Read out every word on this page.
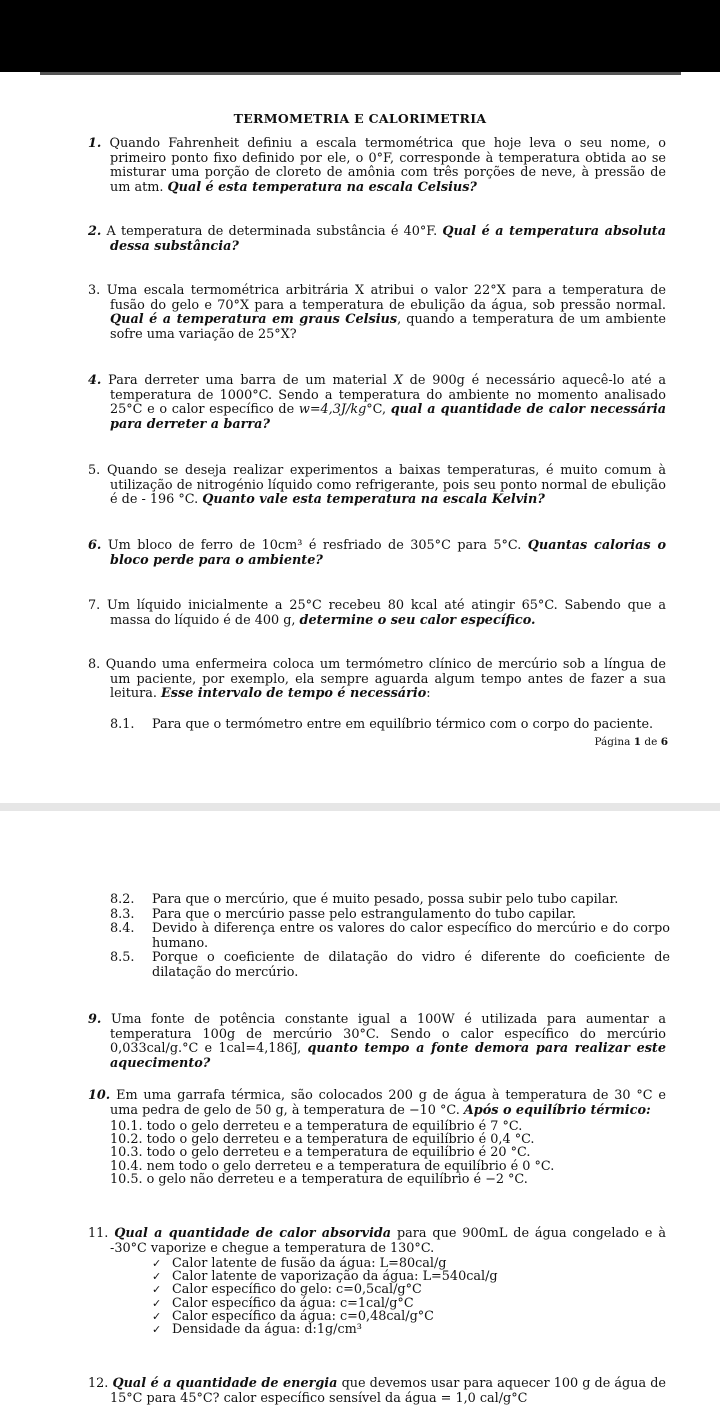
TERMOMETRIA E CALORIMETRIA
1. Quando Fahrenheit definiu a escala termométrica que hoje leva o seu nome, o primeiro ponto fixo definido por ele, o 0°F, corresponde à temperatura obtida ao se misturar uma porção de cloreto de amônia com três porções de neve, à pressão de um atm. Qual é esta temperatura na escala Celsius?
2. A temperatura de determinada substância é 40°F. Qual é a temperatura absoluta dessa substância?
3. Uma escala termométrica arbitrária X atribui o valor 22°X para a temperatura de fusão do gelo e 70°X para a temperatura de ebulição da água, sob pressão normal. Qual é a temperatura em graus Celsius, quando a temperatura de um ambiente sofre uma variação de 25°X?
4. Para derreter uma barra de um material X de 900g é necessário aquecê-lo até a temperatura de 1000°C. Sendo a temperatura do ambiente no momento analisado 25°C e o calor específico de w=4,3J/kg°C, qual a quantidade de calor necessária para derreter a barra?
5. Quando se deseja realizar experimentos a baixas temperaturas, é muito comum à utilização de nitrogénio líquido como refrigerante, pois seu ponto normal de ebulição é de - 196 °C. Quanto vale esta temperatura na escala Kelvin?
6. Um bloco de ferro de 10cm³ é resfriado de 305°C para 5°C. Quantas calorias o bloco perde para o ambiente?
7. Um líquido inicialmente a 25°C recebeu 80 kcal até atingir 65°C. Sabendo que a massa do líquido é de 400 g, determine o seu calor específico.
8. Quando uma enfermeira coloca um termómetro clínico de mercúrio sob a língua de um paciente, por exemplo, ela sempre aguarda algum tempo antes de fazer a sua leitura. Esse intervalo de tempo é necessário:
8.1.	Para que o termómetro entre em equilíbrio térmico com o corpo do paciente.
Página 1 de 6
8.2.	Para que o mercúrio, que é muito pesado, possa subir pelo tubo capilar.
8.3.	Para que o mercúrio passe pelo estrangulamento do tubo capilar.
8.4.	Devido à diferença entre os valores do calor específico do mercúrio e do corpo humano.
8.5.	Porque o coeficiente de dilatação do vidro é diferente do coeficiente de dilatação do mercúrio.
9. Uma fonte de potência constante igual a 100W é utilizada para aumentar a temperatura 100g de mercúrio 30°C. Sendo o calor específico do mercúrio 0,033cal/g.°C e 1cal=4,186J, quanto tempo a fonte demora para realizar este aquecimento?
10. Em uma garrafa térmica, são colocados 200 g de água à temperatura de 30 °C e uma pedra de gelo de 50 g, à temperatura de −10 °C. Após o equilíbrio térmico:
10.1. todo o gelo derreteu e a temperatura de equilíbrio é 7 °C.
10.2. todo o gelo derreteu e a temperatura de equilíbrio é 0,4 °C.
10.3. todo o gelo derreteu e a temperatura de equilíbrio é 20 °C.
10.4. nem todo o gelo derreteu e a temperatura de equilíbrio é 0 °C.
10.5. o gelo não derreteu e a temperatura de equilíbrio é −2 °C.
11. Qual a quantidade de calor absorvida para que 900mL de água congelado e à -30°C vaporize e chegue a temperatura de 130°C.
✓ Calor latente de fusão da água: L=80cal/g
✓ Calor latente de vaporização da água: L=540cal/g
✓ Calor específico do gelo: c=0,5cal/g°C
✓ Calor específico da água: c=1cal/g°C
✓ Calor específico da água: c=0,48cal/g°C
✓ Densidade da água: d:1g/cm³
12. Qual é a quantidade de energia que devemos usar para aquecer 100 g de água de 15°C para 45°C? calor específico sensível da água = 1,0 cal/g°C
